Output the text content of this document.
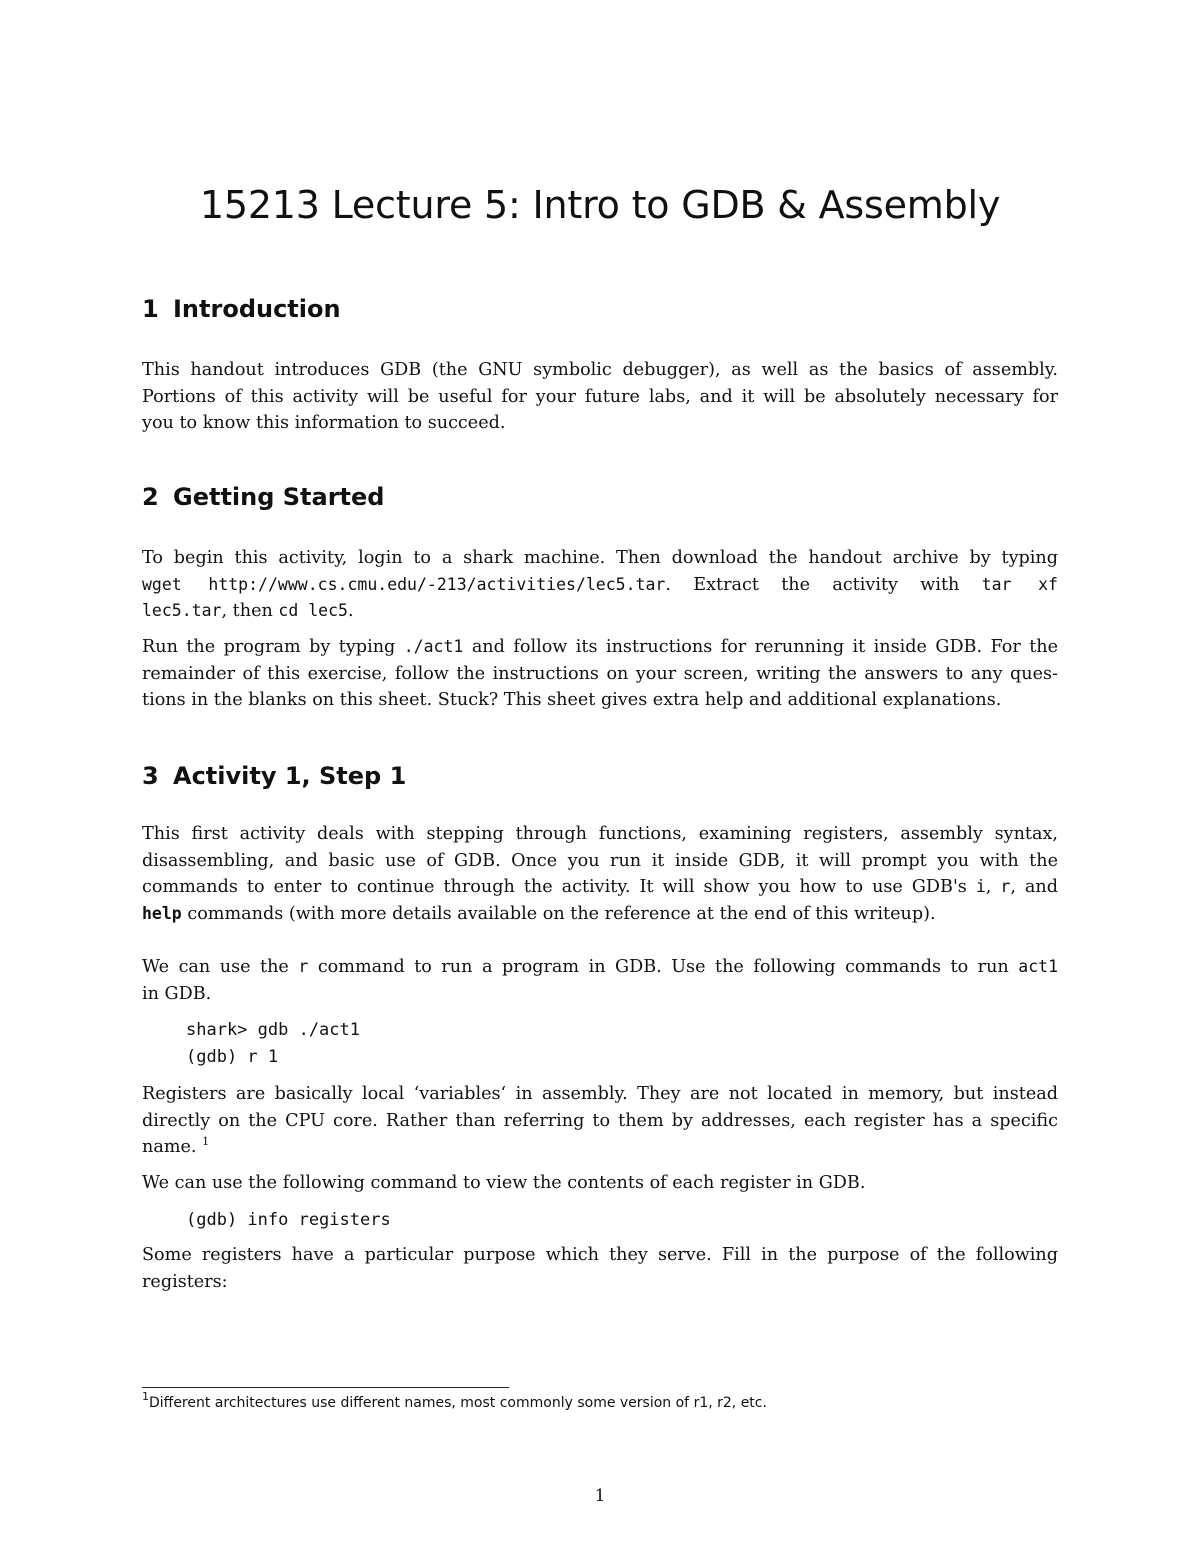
15213 Lecture 5: Intro to GDB & Assembly
1 Introduction
This handout introduces GDB (the GNU symbolic debugger), as well as the basics of assembly.
Portions of this activity will be useful for your future labs, and it will be absolutely necessary for
you to know this information to succeed.
2 Getting Started
To begin this activity, login to a shark machine. Then download the handout archive by typing
wget http://www.cs.cmu.edu/-213/activities/lec5.tar. Extract the activity with tar xf
lec5.tar, then cd lec5.
Run the program by typing ./act1 and follow its instructions for rerunning it inside GDB. For the
remainder of this exercise, follow the instructions on your screen, writing the answers to any ques-
tions in the blanks on this sheet. Stuck? This sheet gives extra help and additional explanations.
3 Activity 1, Step 1
This first activity deals with stepping through functions, examining registers, assembly syntax,
disassembling, and basic use of GDB. Once you run it inside GDB, it will prompt you with the
commands to enter to continue through the activity. It will show you how to use GDB's i, r, and
help commands (with more details available on the reference at the end of this writeup).
We can use the r command to run a program in GDB. Use the following commands to run act1
in GDB.
shark> gdb ./act1
(gdb) r 1
Registers are basically local ‘variables‘ in assembly. They are not located in memory, but instead
directly on the CPU core. Rather than referring to them by addresses, each register has a specific
name. $^1$
We can use the following command to view the contents of each register in GDB.
(gdb) info registers
Some registers have a particular purpose which they serve. Fill in the purpose of the following
registers:
$^1$Different architectures use different names, most commonly some version of r1, r2, etc.
1
